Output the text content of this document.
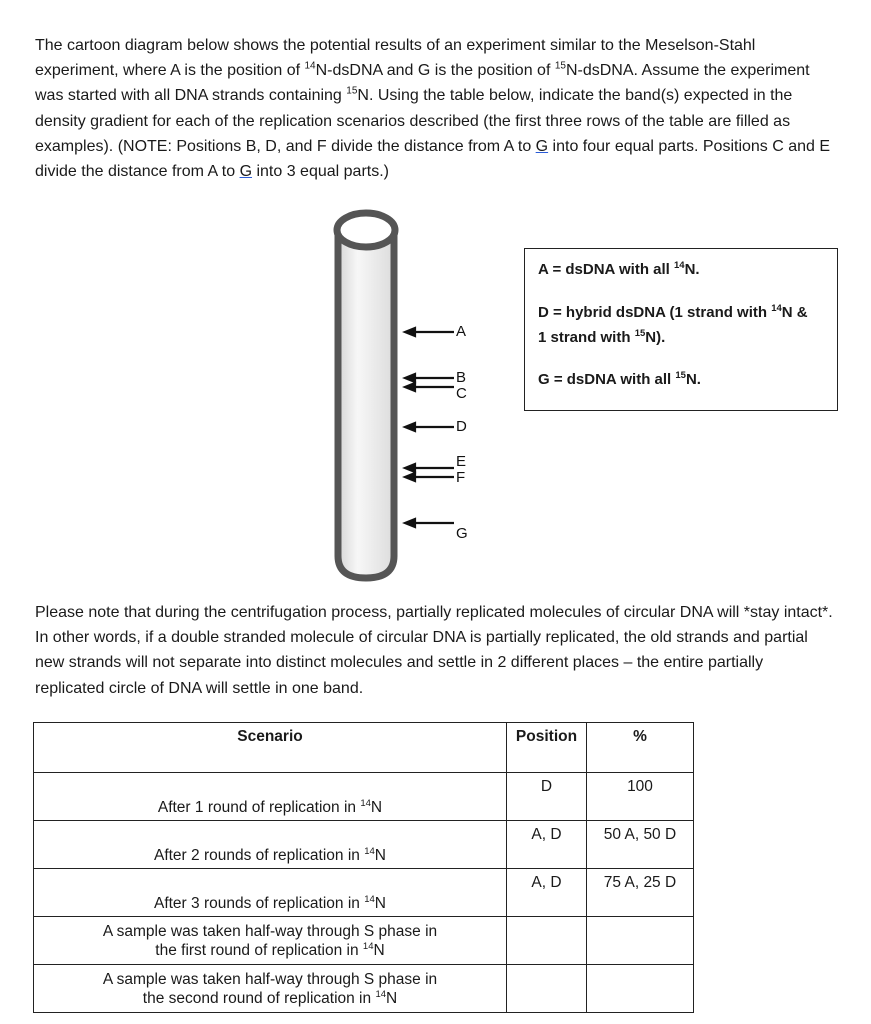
The cartoon diagram below shows the potential results of an experiment similar to the Meselson-Stahl experiment, where A is the position of $^{14}$N-dsDNA and G is the position of $^{15}$N-dsDNA. Assume the experiment was started with all DNA strands containing $^{15}$N. Using the table below, indicate the band(s) expected in the density gradient for each of the replication scenarios described (the first three rows of the table are filled as examples). (NOTE: Positions B, D, and F divide the distance from A to G into four equal parts. Positions C and E divide the distance from A to G into 3 equal parts.)

A
B
C
D
E
F
G

A = dsDNA with all $^{14}$N.

D = hybrid dsDNA (1 strand with $^{14}$N &

1 strand with $^{15}$N).

G = dsDNA with all $^{15}$N.

Please note that during the centrifugation process, partially replicated molecules of circular DNA will *stay intact*. In other words, if a double stranded molecule of circular DNA is partially replicated, the old strands and partial new strands will not separate into distinct molecules and settle in 2 different places – the entire partially replicated circle of DNA will settle in one band.

Scenario	Position	%
After 1 round of replication in $^{14}$N	D	100
After 2 rounds of replication in $^{14}$N	A, D	50 A, 50 D
After 3 rounds of replication in $^{14}$N	A, D	75 A, 25 D
A sample was taken half-way through S phase in
the first round of replication in $^{14}$N		
A sample was taken half-way through S phase in
the second round of replication in $^{14}$N		
